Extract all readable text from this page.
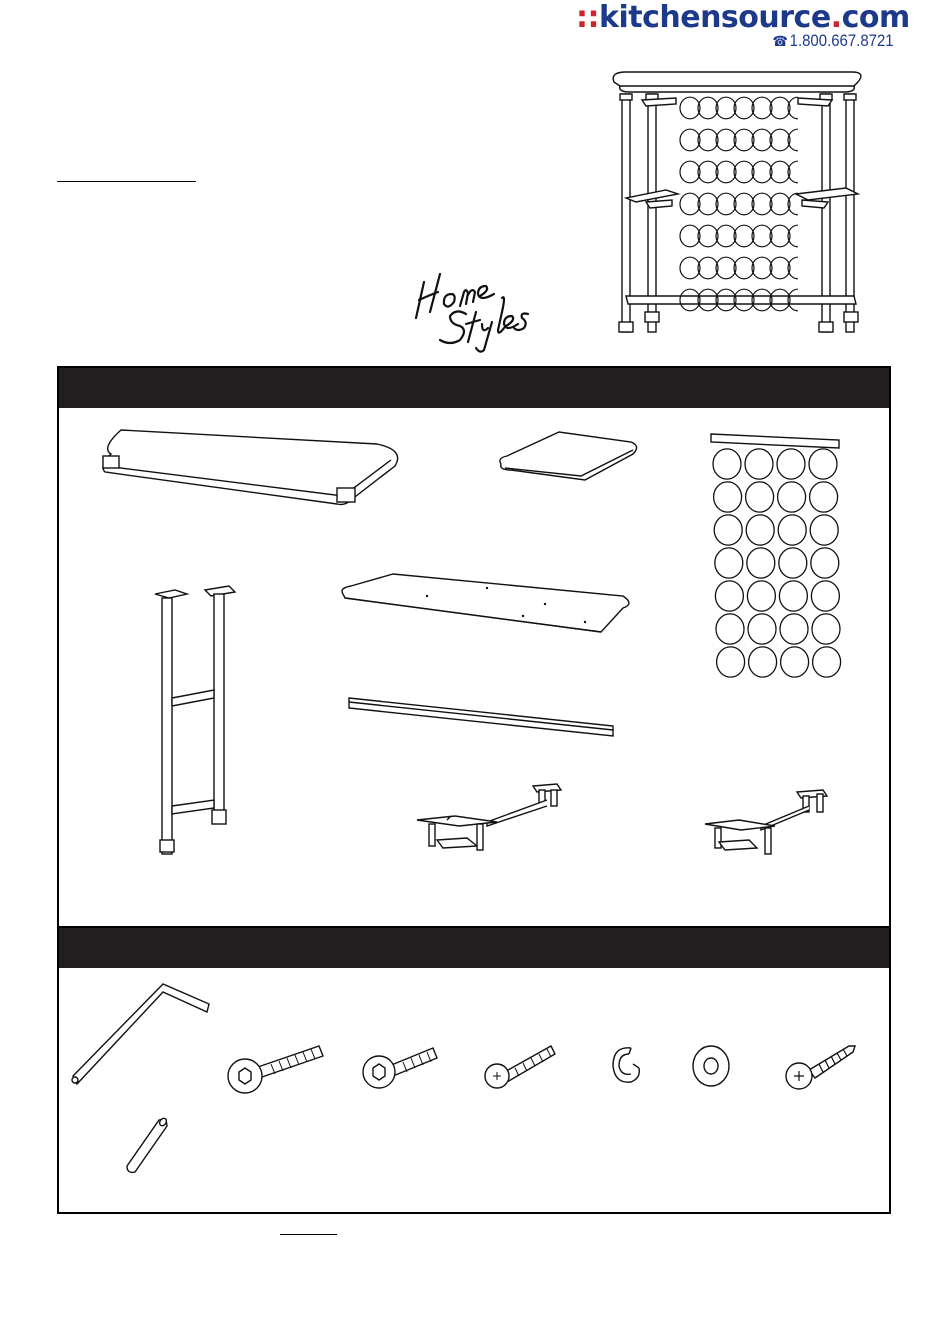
::kitchensource.com
☎ 1.800.667.8721
